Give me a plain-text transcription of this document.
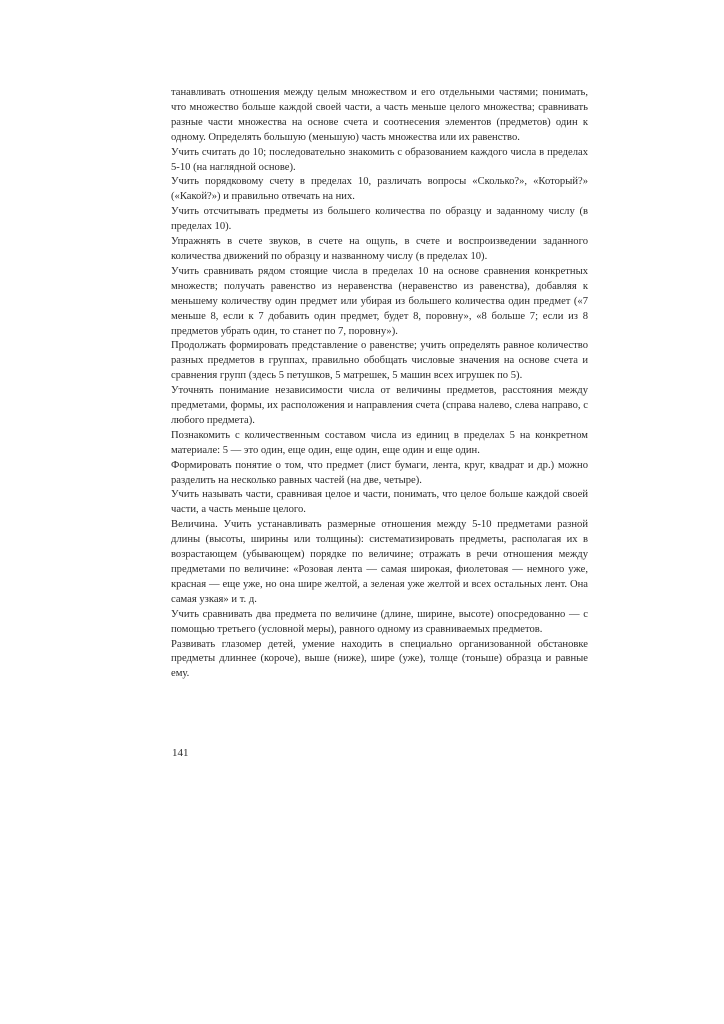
танавливать отношения между целым множеством и его отдельными частями; понимать, что множество больше каждой своей части, а часть меньше целого множества; сравнивать разные части множества на основе счета и соотнесения элементов (предметов) один к одному. Определять большую (меньшую) часть множества или их равенство.

Учить считать до 10; последовательно знакомить с образованием каждого числа в пределах 5-10 (на наглядной основе).

Учить порядковому счету в пределах 10, различать вопросы «Сколько?», «Который?» («Какой?») и правильно отвечать на них.

Учить отсчитывать предметы из большего количества по образцу и заданному числу (в пределах 10).

Упражнять в счете звуков, в счете на ощупь, в счете и воспроизведении заданного количества движений по образцу и названному числу (в пределах 10).

Учить сравнивать рядом стоящие числа в пределах 10 на основе сравнения конкретных множеств; получать равенство из неравенства (неравенство из равенства), добавляя к меньшему количеству один предмет или убирая из большего количества один предмет («7 меньше 8, если к 7 добавить один предмет, будет 8, поровну», «8 больше 7; если из 8 предметов убрать один, то станет по 7, поровну»).

Продолжать формировать представление о равенстве; учить определять равное количество разных предметов в группах, правильно обобщать числовые значения на основе счета и сравнения групп (здесь 5 петушков, 5 матрешек, 5 машин всех игрушек по 5).

Уточнять понимание независимости числа от величины предметов, расстояния между предметами, формы, их расположения и направления счета (справа налево, слева направо, с любого предмета).

Познакомить с количественным составом числа из единиц в пределах 5 на конкретном материале: 5 — это один, еще один, еще один, еще один и еще один.

Формировать понятие о том, что предмет (лист бумаги, лента, круг, квадрат и др.) можно разделить на несколько равных частей (на две, четыре).

Учить называть части, сравнивая целое и части, понимать, что целое больше каждой своей части, а часть меньше целого.

Величина. Учить устанавливать размерные отношения между 5-10 предметами разной длины (высоты, ширины или толщины): систематизировать предметы, располагая их в возрастающем (убывающем) порядке по величине; отражать в речи отношения между предметами по величине: «Розовая лента — самая широкая, фиолетовая — немного уже, красная — еще уже, но она шире желтой, а зеленая уже желтой и всех остальных лент. Она самая узкая» и т. д.

Учить сравнивать два предмета по величине (длине, ширине, высоте) опосредованно — с помощью третьего (условной меры), равного одному из сравниваемых предметов.

Развивать глазомер детей, умение находить в специально организованной обстановке предметы длиннее (короче), выше (ниже), шире (уже), толще (тоньше) образца и равные ему.

141
